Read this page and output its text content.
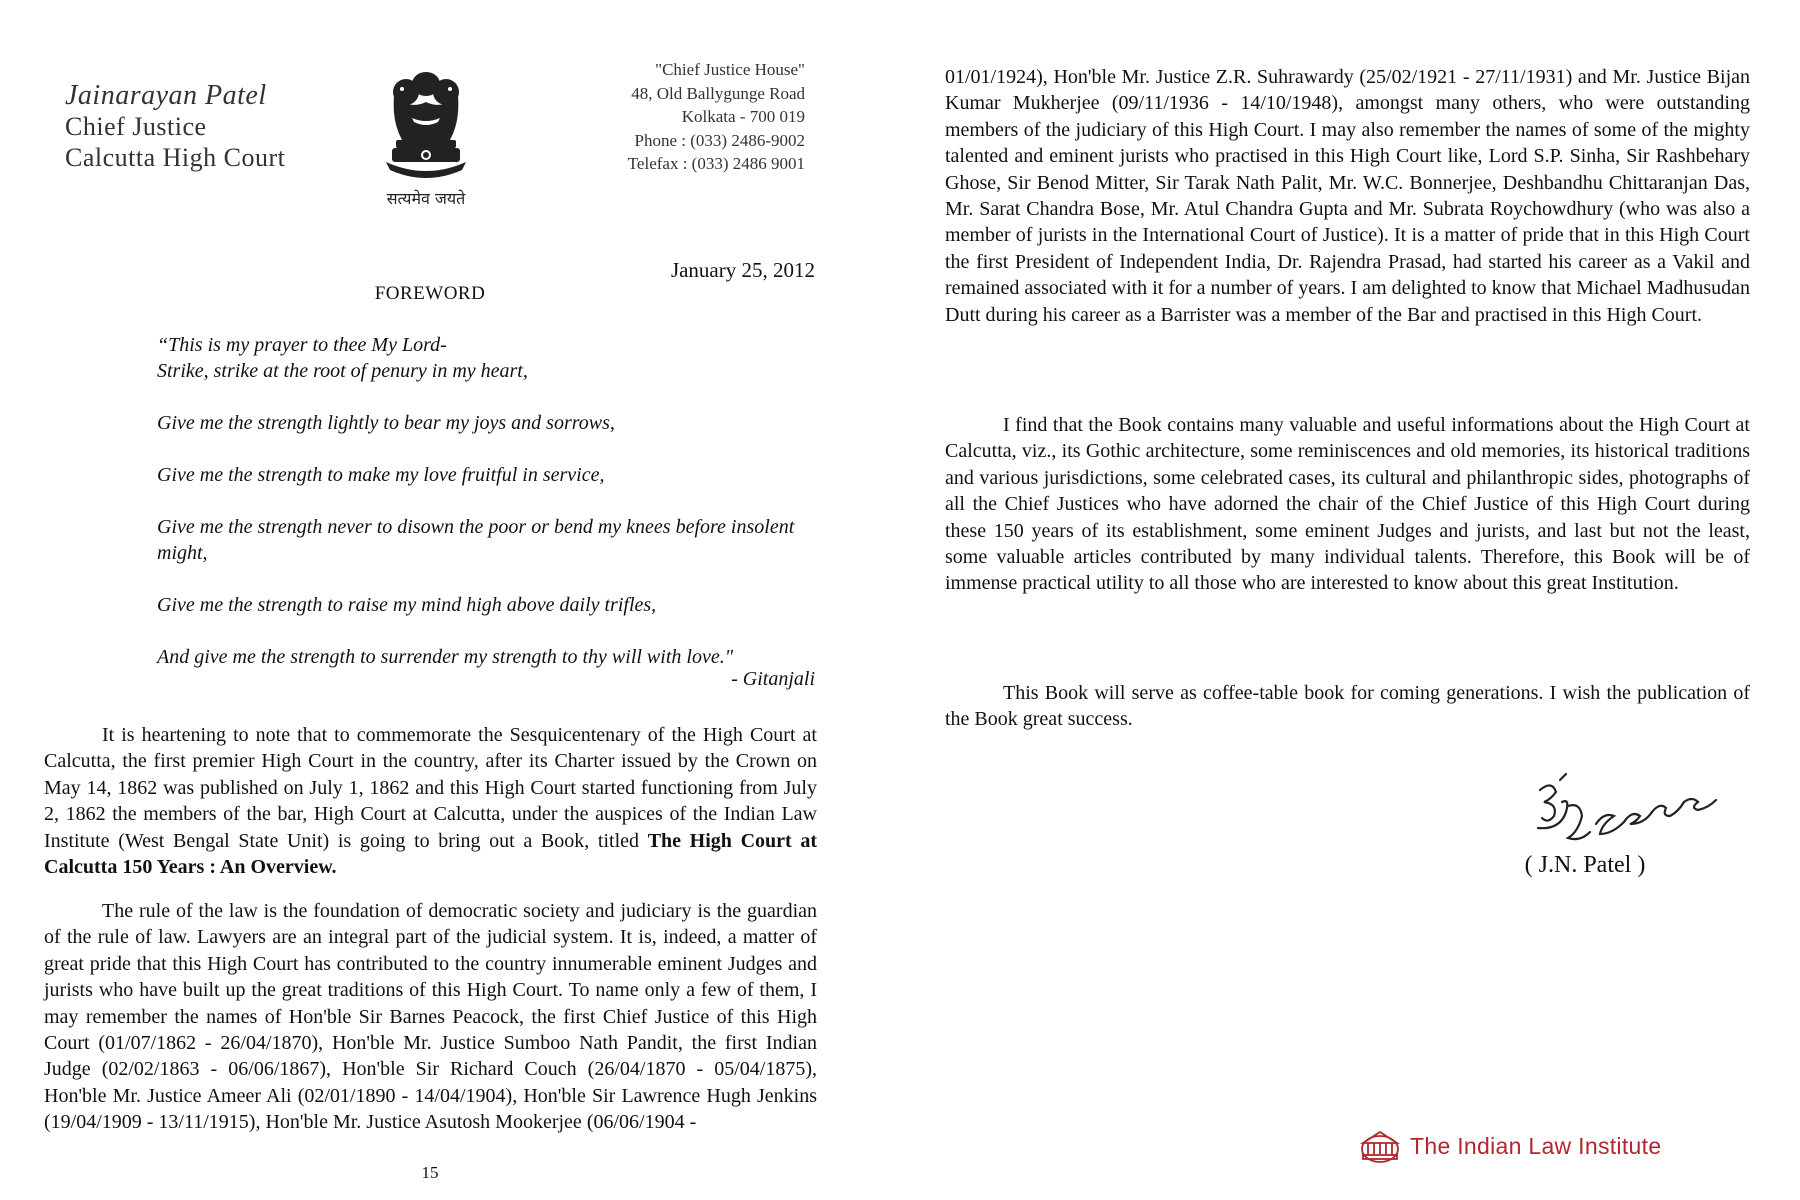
Jainarayan Patel
Chief Justice
Calcutta High Court
सत्यमेव जयते
"Chief Justice House"
48, Old Ballygunge Road
Kolkata - 700 019
Phone : (033) 2486-9002
Telefax : (033) 2486 9001
January 25, 2012
FOREWORD

“This is my prayer to thee My Lord-

Strike, strike at the root of penury in my heart,

Give me the strength lightly to bear my joys and sorrows,

Give me the strength to make my love fruitful in service,

Give me the strength never to disown the poor or bend my knees before insolent might,

Give me the strength to raise my mind high above daily trifles,

And give me the strength to surrender my strength to thy will with love."

- Gitanjali

It is heartening to note that to commemorate the Sesquicentenary of the High Court at Calcutta, the first premier High Court in the country, after its Charter issued by the Crown on May 14, 1862 was published on July 1, 1862 and this High Court started functioning from July 2, 1862 the members of the bar, High Court at Calcutta, under the auspices of the Indian Law Institute (West Bengal State Unit) is going to bring out a Book, titled The High Court at Calcutta 150 Years : An Overview.

The rule of the law is the foundation of democratic society and judiciary is the guardian of the rule of law. Lawyers are an integral part of the judicial system. It is, indeed, a matter of great pride that this High Court has contributed to the country innumerable eminent Judges and jurists who have built up the great traditions of this High Court. To name only a few of them, I may remember the names of Hon'ble Sir Barnes Peacock, the first Chief Justice of this High Court (01/07/1862 - 26/04/1870), Hon'ble Mr. Justice Sumboo Nath Pandit, the first Indian Judge (02/02/1863 - 06/06/1867), Hon'ble Sir Richard Couch (26/04/1870 - 05/04/1875), Hon'ble Mr. Justice Ameer Ali (02/01/1890 - 14/04/1904), Hon'ble Sir Lawrence Hugh Jenkins (19/04/1909 - 13/11/1915), Hon'ble Mr. Justice Asutosh Mookerjee (06/06/1904 -

15

01/01/1924), Hon'ble Mr. Justice Z.R. Suhrawardy (25/02/1921 - 27/11/1931) and Mr. Justice Bijan Kumar Mukherjee (09/11/1936 - 14/10/1948), amongst many others, who were outstanding members of the judiciary of this High Court. I may also remember the names of some of the mighty talented and eminent jurists who practised in this High Court like, Lord S.P. Sinha, Sir Rashbehary Ghose, Sir Benod Mitter, Sir Tarak Nath Palit, Mr. W.C. Bonnerjee, Deshbandhu Chittaranjan Das, Mr. Sarat Chandra Bose, Mr. Atul Chandra Gupta and Mr. Subrata Roychowdhury (who was also a member of jurists in the International Court of Justice). It is a matter of pride that in this High Court the first President of Independent India, Dr. Rajendra Prasad, had started his career as a Vakil and remained associated with it for a number of years. I am delighted to know that Michael Madhusudan Dutt during his career as a Barrister was a member of the Bar and practised in this High Court.

I find that the Book contains many valuable and useful informations about the High Court at Calcutta, viz., its Gothic architecture, some reminiscences and old memories, its historical traditions and various jurisdictions, some celebrated cases, its cultural and philanthropic sides, photographs of all the Chief Justices who have adorned the chair of the Chief Justice of this High Court during these 150 years of its establishment, some eminent Judges and jurists, and last but not the least, some valuable articles contributed by many individual talents. Therefore, this Book will be of immense practical utility to all those who are interested to know about this great Institution.

This Book will serve as coffee-table book for coming generations. I wish the publication of the Book great success.

( J.N. Patel )
The Indian Law Institute
